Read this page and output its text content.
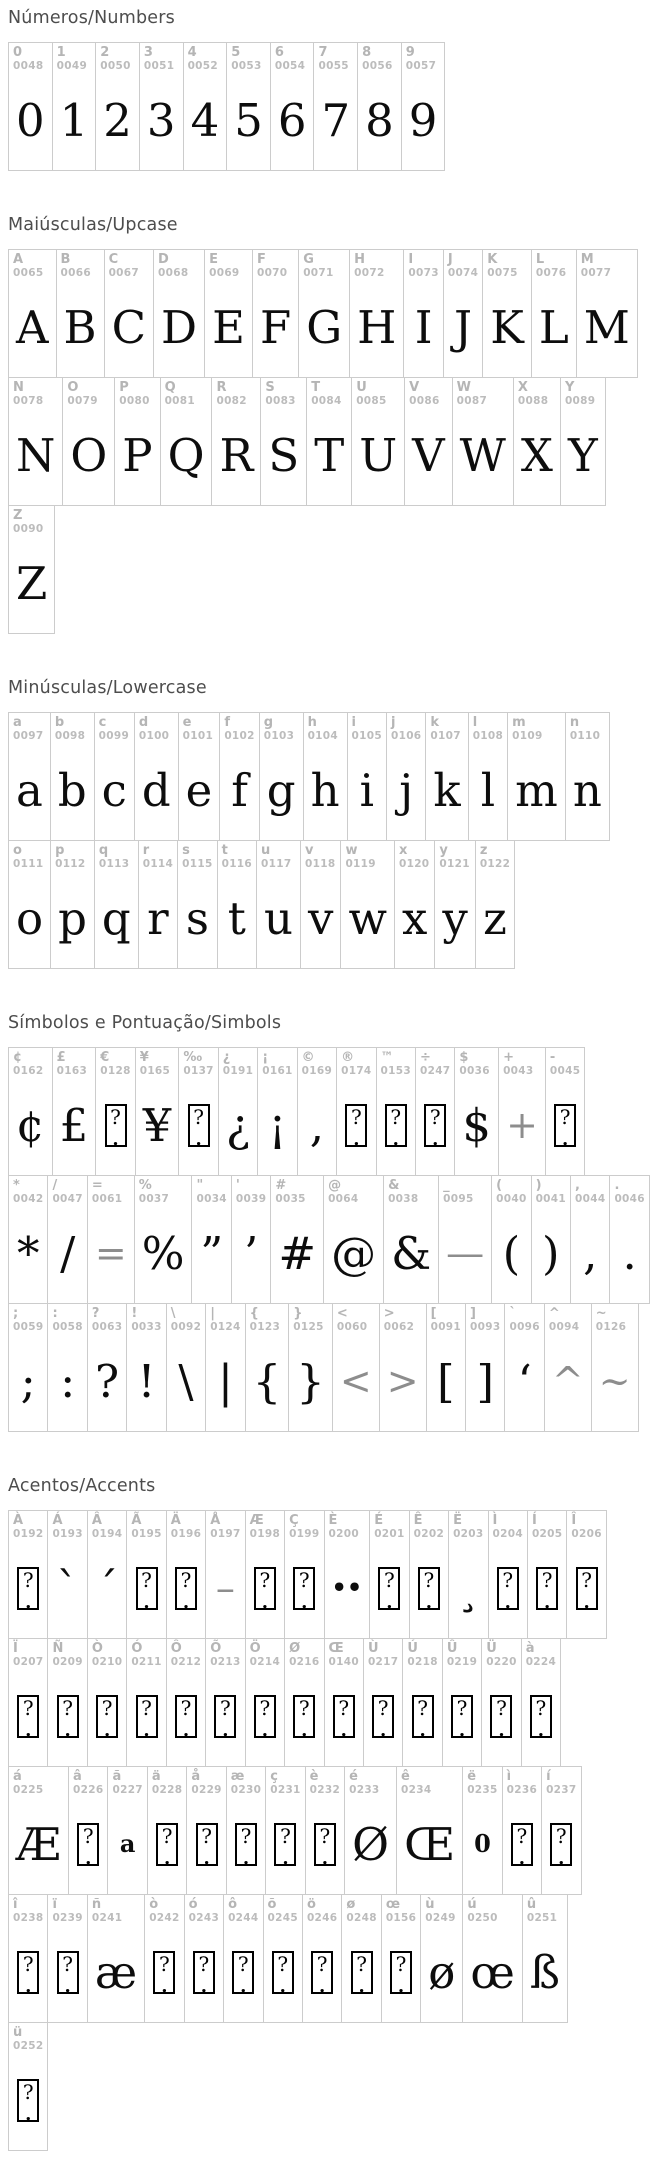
Números/Numbers
0
0048
0
1
0049
1
2
0050
2
3
0051
3
4
0052
4
5
0053
5
6
0054
6
7
0055
7
8
0056
8
9
0057
9
Maiúsculas/Upcase
A
0065
A
B
0066
B
C
0067
C
D
0068
D
E
0069
E
F
0070
F
G
0071
G
H
0072
H
I
0073
I
J
0074
J
K
0075
K
L
0076
L
M
0077
M
N
0078
N
O
0079
O
P
0080
P
Q
0081
Q
R
0082
R
S
0083
S
T
0084
T
U
0085
U
V
0086
V
W
0087
W
X
0088
X
Y
0089
Y
Z
0090
Z
Minúsculas/Lowercase
a
0097
a
b
0098
b
c
0099
c
d
0100
d
e
0101
e
f
0102
f
g
0103
g
h
0104
h
i
0105
i
j
0106
j
k
0107
k
l
0108
l
m
0109
m
n
0110
n
o
0111
o
p
0112
p
q
0113
q
r
0114
r
s
0115
s
t
0116
t
u
0117
u
v
0118
v
w
0119
w
x
0120
x
y
0121
y
z
0122
z
Símbolos e Pontuação/Simbols
¢
0162
¢
£
0163
£
€
0128
?
.
¥
0165
¥
‰
0137
?
.
¿
0191
¿
¡
0161
¡
©
0169
,
®
0174
?
.
™
0153
?
.
÷
0247
?
.
$
0036
$
+
0043
+
-
0045
?
.
*
0042
*
/
0047
/
=
0061
=
%
0037
%
"
0034
”
'
0039
’
#
0035
#
@
0064
@
&
0038
&
_
0095
—
(
0040
(
)
0041
)
,
0044
,
.
0046
.
;
0059
;
:
0058
:
?
0063
?
!
0033
!
\
0092
\
|
0124
|
{
0123
{
}
0125
}
<
0060
<
>
0062
>
[
0091
[
]
0093
]
`
0096
‘
^
0094
^
~
0126
~
Acentos/Accents
À
0192
?
.
Á
0193
`
Â
0194
´
Ã
0195
?
.
Ä
0196
?
.
Å
0197
–
Æ
0198
?
.
Ç
0199
?
.
È
0200
••
É
0201
?
.
Ê
0202
?
.
Ë
0203
¸
Ì
0204
?
.
Í
0205
?
.
Î
0206
?
.
Ï
0207
?
.
Ñ
0209
?
.
Ò
0210
?
.
Ó
0211
?
.
Ô
0212
?
.
Õ
0213
?
.
Ö
0214
?
.
Ø
0216
?
.
Œ
0140
?
.
Ù
0217
?
.
Ú
0218
?
.
Û
0219
?
.
Ü
0220
?
.
à
0224
?
.
á
0225
Æ
â
0226
?
.
ã
0227
a
ä
0228
?
.
å
0229
?
.
æ
0230
?
.
ç
0231
?
.
è
0232
?
.
é
0233
Ø
ê
0234
Œ
ë
0235
0
ì
0236
?
.
í
0237
?
.
î
0238
?
.
ï
0239
?
.
ñ
0241
æ
ò
0242
?
.
ó
0243
?
.
ô
0244
?
.
õ
0245
?
.
ö
0246
?
.
ø
0248
?
.
œ
0156
?
.
ù
0249
ø
ú
0250
œ
û
0251
ß
ü
0252
?
.
